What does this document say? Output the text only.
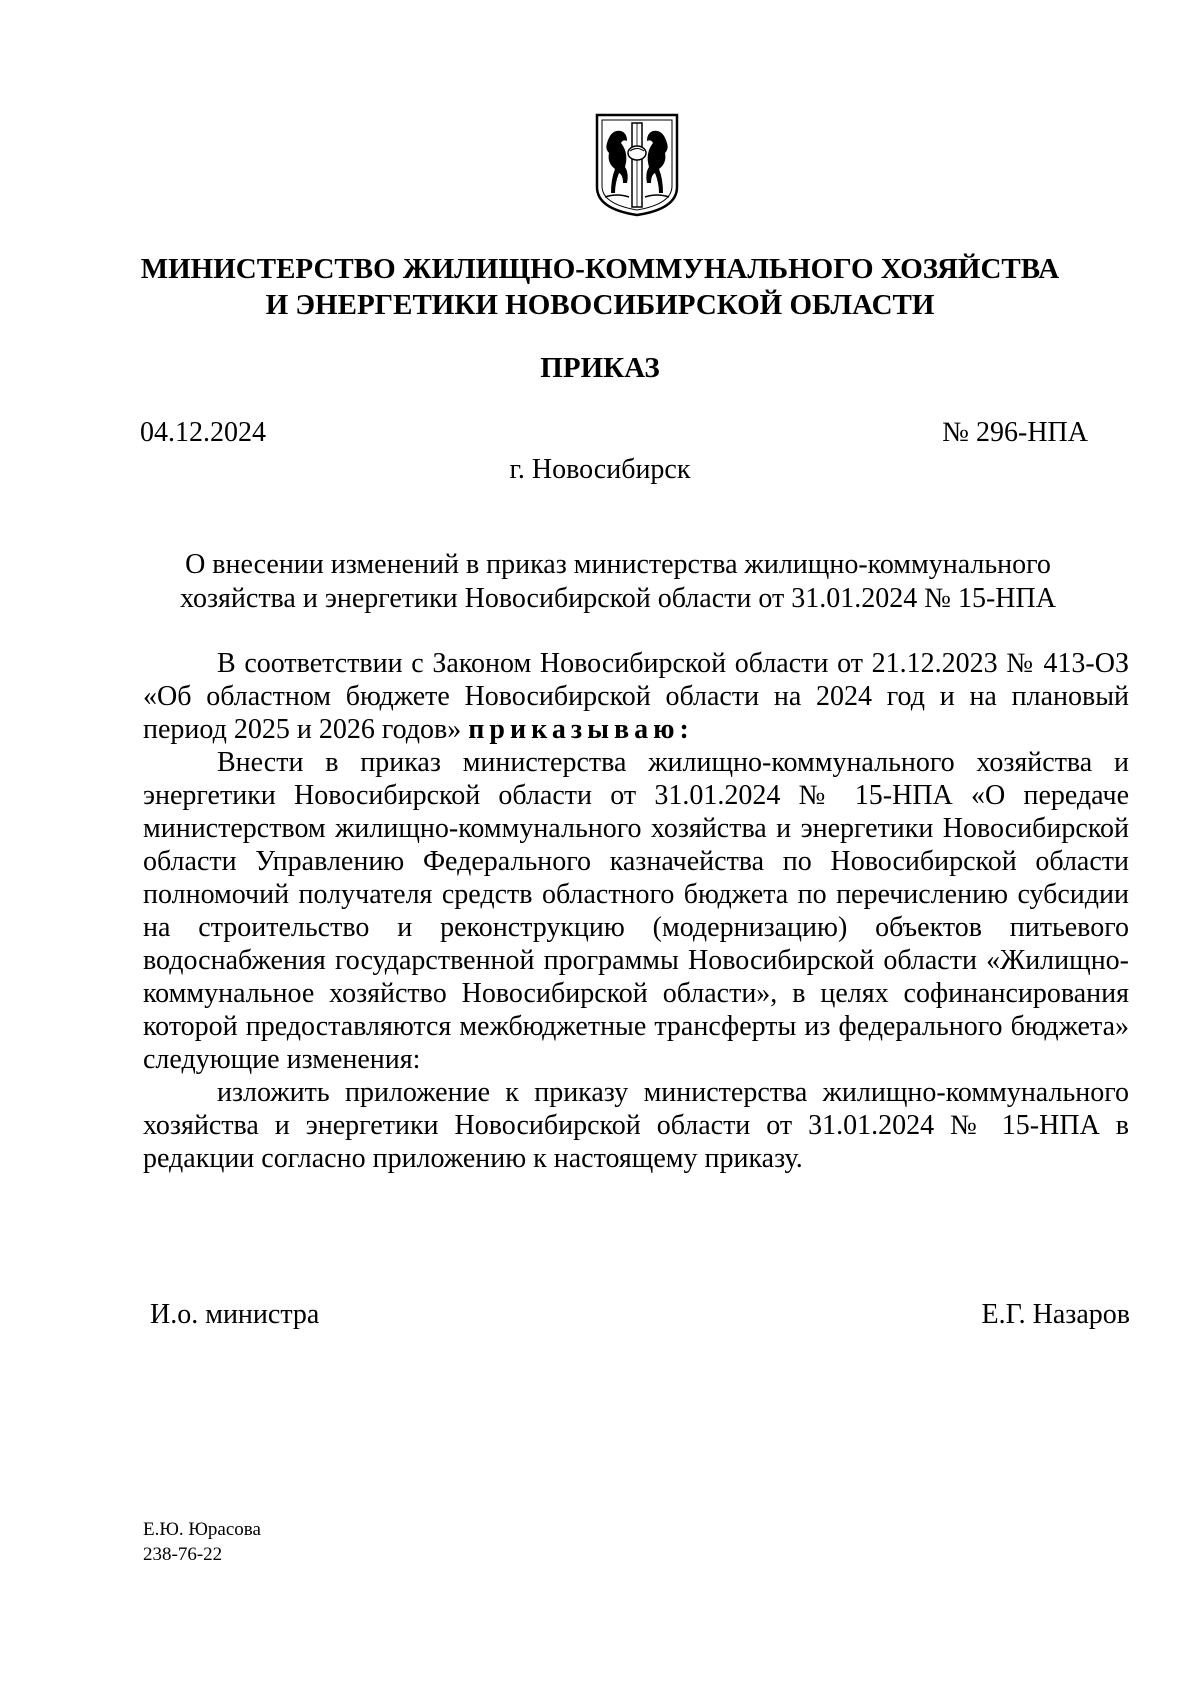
МИНИСТЕРСТВО ЖИЛИЩНО-КОММУНАЛЬНОГО ХОЗЯЙСТВА
И ЭНЕРГЕТИКИ НОВОСИБИРСКОЙ ОБЛАСТИ
ПРИКАЗ
04.12.2024	№ 296-НПА
г. Новосибирск
О внесении изменений в приказ министерства жилищно-коммунального
хозяйства и энергетики Новосибирской области от 31.01.2024 № 15-НПА

В соответствии с Законом Новосибирской области от 21.12.2023 № 413-ОЗ «Об областном бюджете Новосибирской области на 2024 год и на плановый период 2025 и 2026 годов» приказываю:

Внести в приказ министерства жилищно-коммунального хозяйства и энергетики Новосибирской области от 31.01.2024 № 15-НПА «О передаче министерством жилищно-коммунального хозяйства и энергетики Новосибирской области Управлению Федерального казначейства по Новосибирской области полномочий получателя средств областного бюджета по перечислению субсидии на строительство и реконструкцию (модернизацию) объектов питьевого водоснабжения государственной программы Новосибирской области «Жилищно-коммунальное хозяйство Новосибирской области», в целях софинансирования которой предоставляются межбюджетные трансферты из федерального бюджета» следующие изменения:

изложить приложение к приказу министерства жилищно-коммунального хозяйства и энергетики Новосибирской области от 31.01.2024 № 15-НПА в редакции согласно приложению к настоящему приказу.

И.о. министра	Е.Г. Назаров
Е.Ю. Юрасова
238-76-22
